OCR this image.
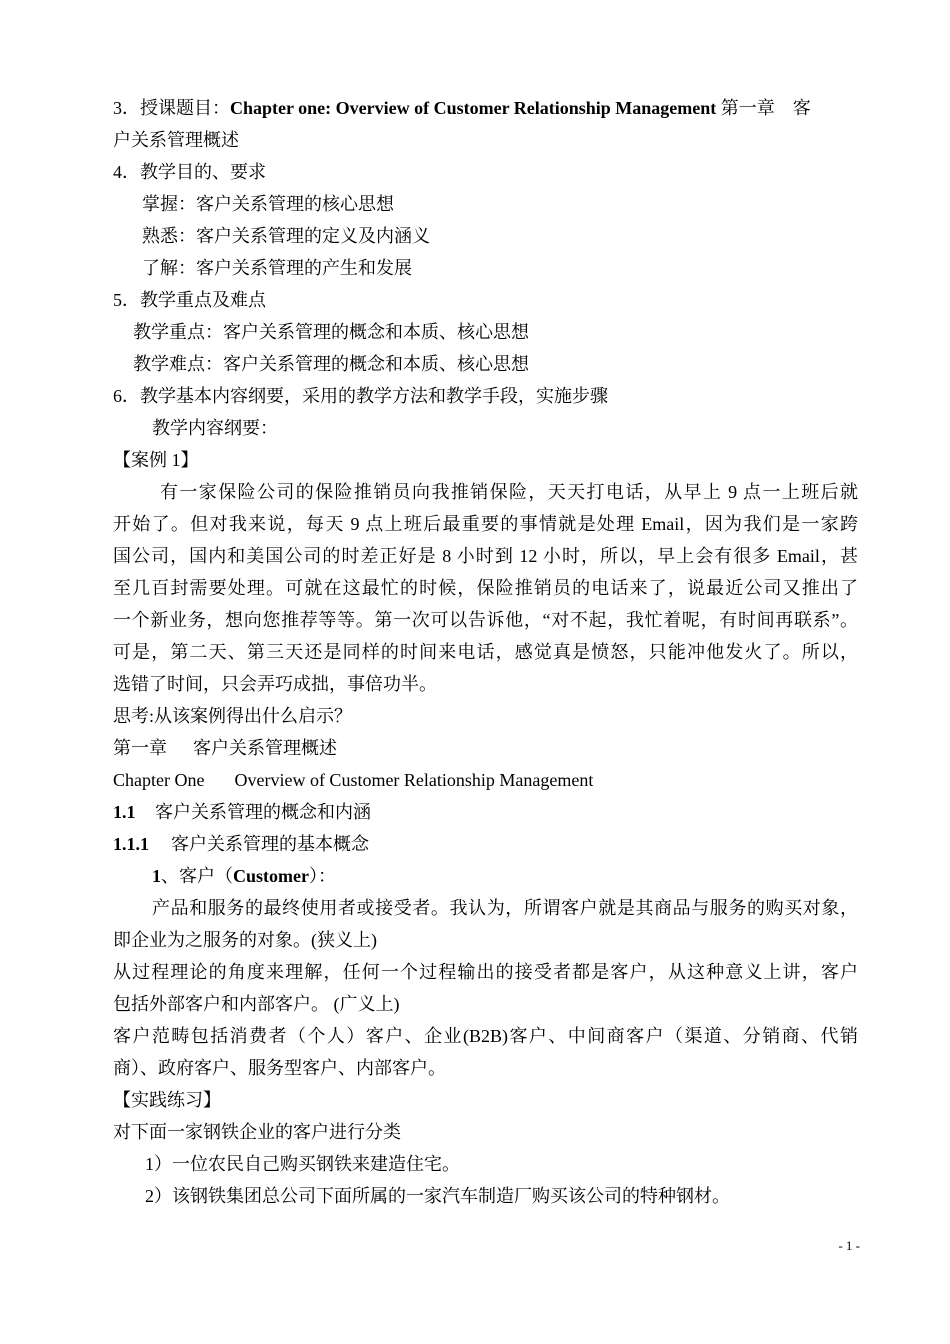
3．授课题目：Chapter one: Overview of Customer Relationship Management 第一章　客
户关系管理概述
4．教学目的、要求
掌握：客户关系管理的核心思想
熟悉：客户关系管理的定义及内涵义
了解：客户关系管理的产生和发展
5．教学重点及难点
教学重点：客户关系管理的概念和本质、核心思想
教学难点：客户关系管理的概念和本质、核心思想
6．教学基本内容纲要，采用的教学方法和教学手段，实施步骤
教学内容纲要：
【案例 1】
有一家保险公司的保险推销员向我推销保险，天天打电话，从早上 9 点一上班后就
开始了。但对我来说，每天 9 点上班后最重要的事情就是处理 Email，因为我们是一家跨
国公司，国内和美国公司的时差正好是 8 小时到 12 小时，所以，早上会有很多 Email，甚
至几百封需要处理。可就在这最忙的时候，保险推销员的电话来了，说最近公司又推出了
一个新业务，想向您推荐等等。第一次可以告诉他，“对不起，我忙着呢，有时间再联系”。
可是，第二天、第三天还是同样的时间来电话，感觉真是愤怒，只能冲他发火了。所以，
选错了时间，只会弄巧成拙，事倍功半。
思考:从该案例得出什么启示？
第一章 客户关系管理概述
Chapter One Overview of Customer Relationship Management
1.1 客户关系管理的概念和内涵
1.1.1 客户关系管理的基本概念
1、客户（Customer）：
产品和服务的最终使用者或接受者。我认为，所谓客户就是其商品与服务的购买对象，
即企业为之服务的对象。(狭义上)
从过程理论的角度来理解，任何一个过程输出的接受者都是客户，从这种意义上讲，客户
包括外部客户和内部客户。 (广义上)
客户范畴包括消费者（个人）客户、企业(B2B)客户、中间商客户（渠道、分销商、代销
商）、政府客户、服务型客户、内部客户。
【实践练习】
对下面一家钢铁企业的客户进行分类
1）一位农民自己购买钢铁来建造住宅。
2）该钢铁集团总公司下面所属的一家汽车制造厂购买该公司的特种钢材。
- 1 -
